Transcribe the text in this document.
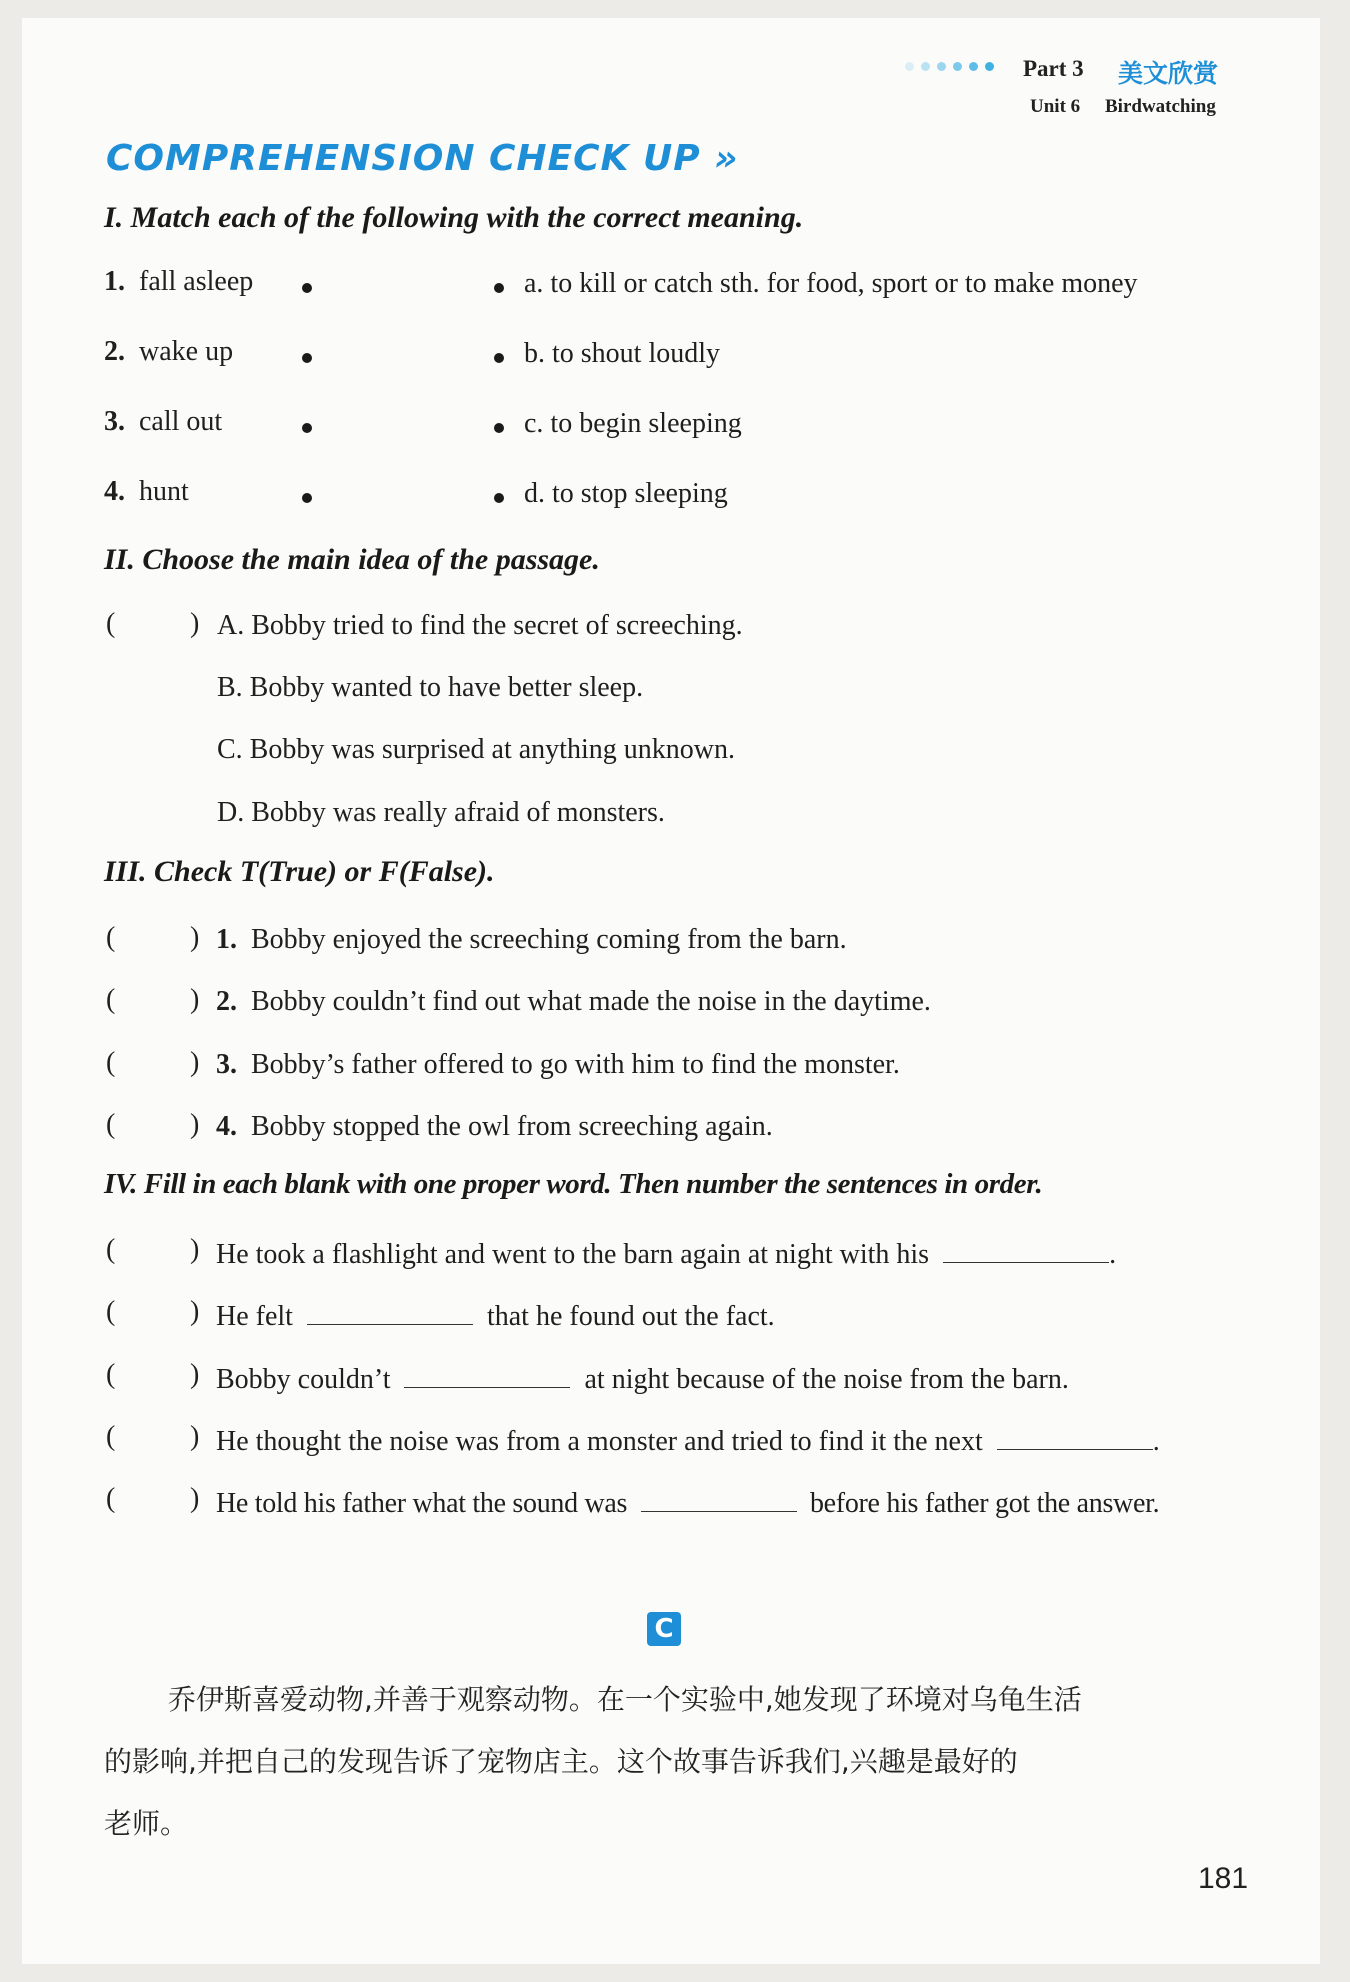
Part 3 美文欣赏
Unit 6 Birdwatching
COMPREHENSION CHECK UP »
I. Match each of the following with the correct meaning.
1. fall asleep	a. to kill or catch sth. for food, sport or to make money
2. wake up	b. to shout loudly
3. call out	c. to begin sleeping
4. hunt	d. to stop sleeping
II. Choose the main idea of the passage.
(	) A. Bobby tried to find the secret of screeching.
B. Bobby wanted to have better sleep.
C. Bobby was surprised at anything unknown.
D. Bobby was really afraid of monsters.
III. Check T(True) or F(False).
(	) 1. Bobby enjoyed the screeching coming from the barn.
(	) 2. Bobby couldn’t find out what made the noise in the daytime.
(	) 3. Bobby’s father offered to go with him to find the monster.
(	) 4. Bobby stopped the owl from screeching again.
IV. Fill in each blank with one proper word. Then number the sentences in order.
(	) He took a flashlight and went to the barn again at night with his	.
(	) He felt	that he found out the fact.
(	) Bobby couldn’t	at night because of the noise from the barn.
(	) He thought the noise was from a monster and tried to find it the next	.
(	) He told his father what the sound was	before his father got the answer.
C
乔伊斯喜爱动物,并善于观察动物。在一个实验中,她发现了环境对乌龟生活
的影响,并把自己的发现告诉了宠物店主。这个故事告诉我们,兴趣是最好的
老师。
181
